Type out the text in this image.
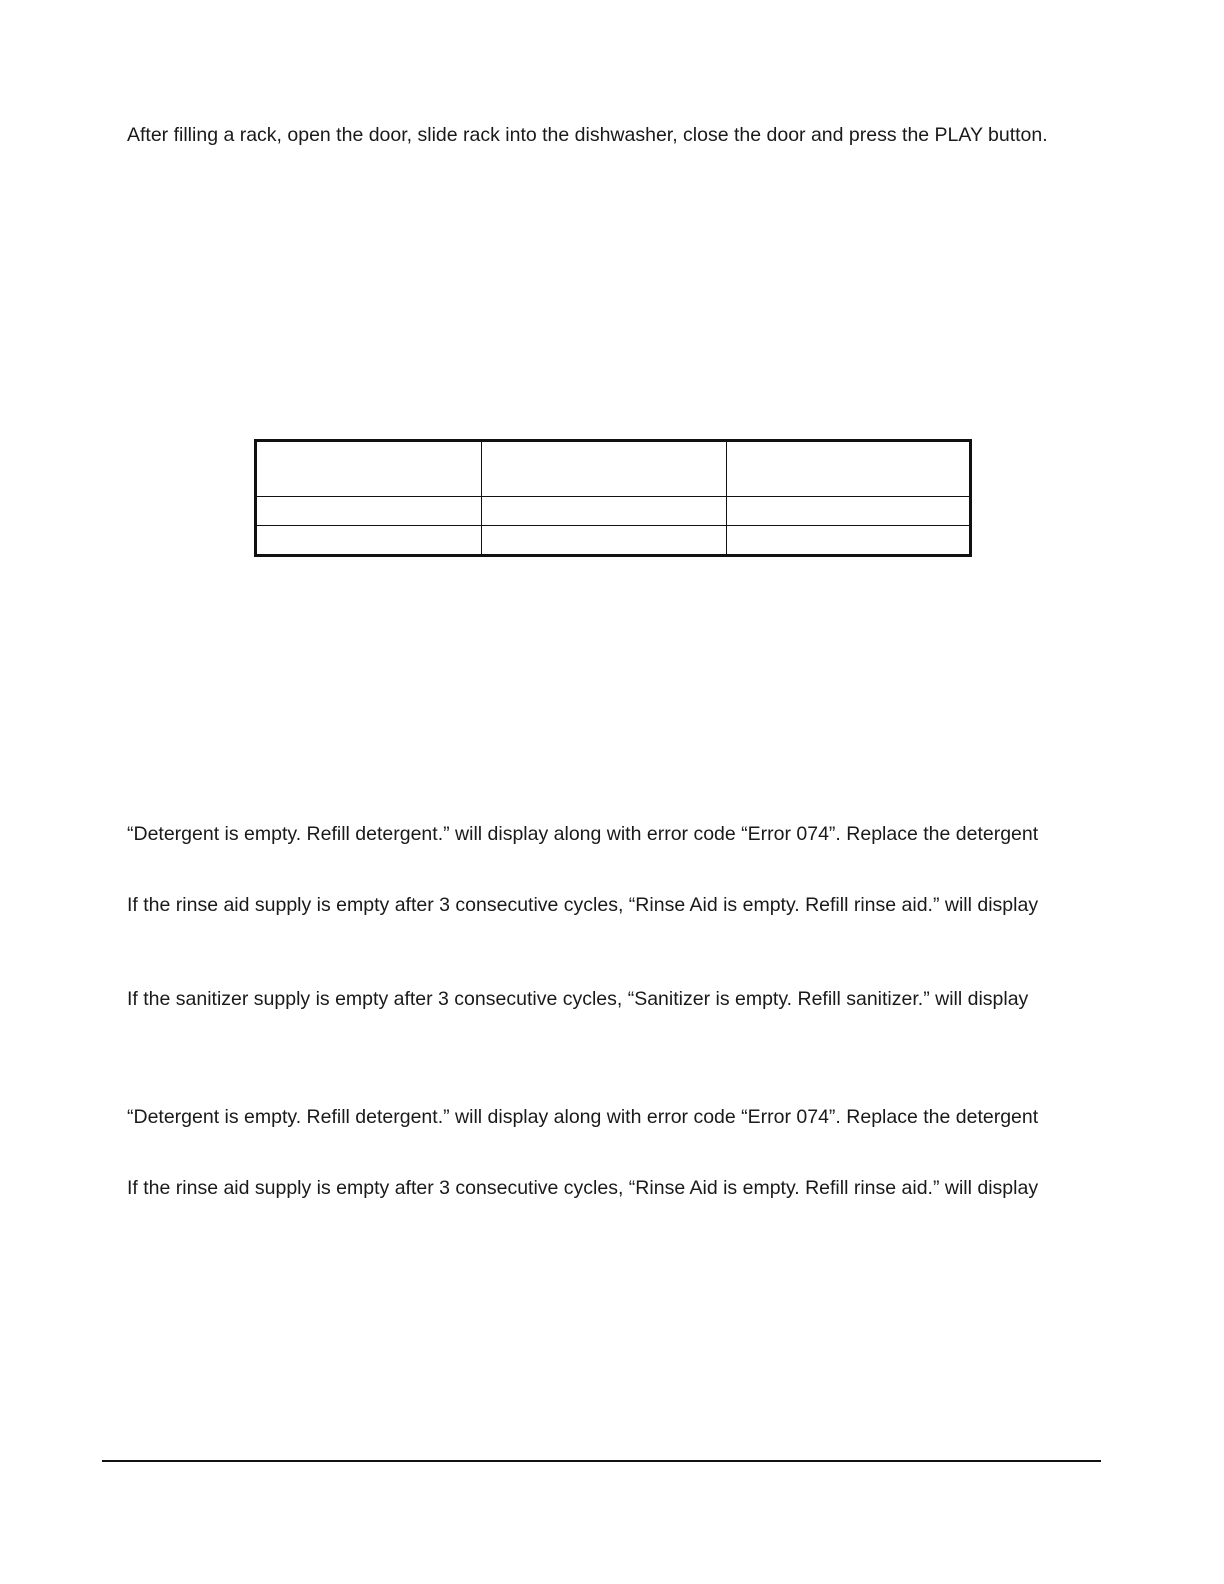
After filling a rack, open the door, slide rack into the dishwasher, close the door and press the PLAY button.

“Detergent is empty. Refill detergent.” will display along with error code “Error 074”. Replace the detergent
If the rinse aid supply is empty after 3 consecutive cycles, “Rinse Aid is empty. Refill rinse aid.” will display
If the sanitizer supply is empty after 3 consecutive cycles, “Sanitizer is empty. Refill sanitizer.” will display
“Detergent is empty. Refill detergent.” will display along with error code “Error 074”. Replace the detergent
If the rinse aid supply is empty after 3 consecutive cycles, “Rinse Aid is empty. Refill rinse aid.” will display
